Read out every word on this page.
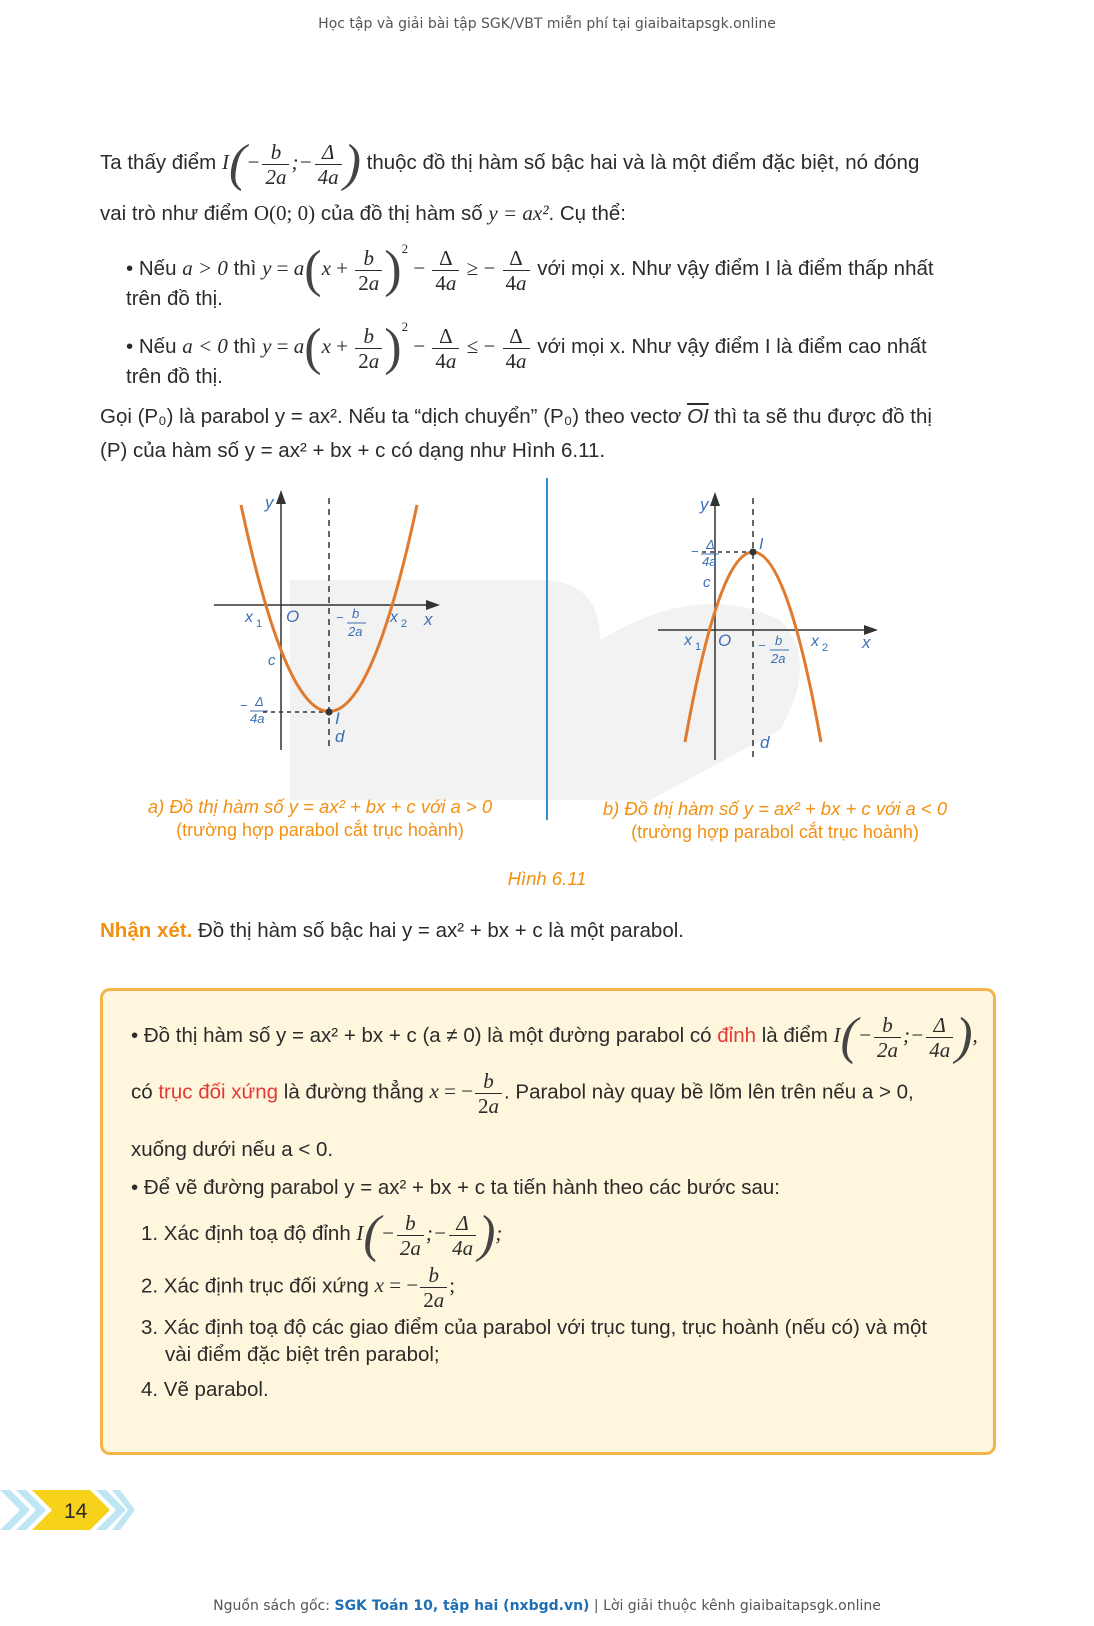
Học tập và giải bài tập SGK/VBT miễn phí tại giaibaitapsgk.online
Ta thấy điểm $I(- \frac{b}{2a}$ ;− $\frac{\Delta}{4a}$ ) thuộc đồ thị hàm số bậc hai và là một điểm đặc biệt, nó đóng
vai trò như điểm O(0; 0) của đồ thị hàm số y = ax². Cụ thể:
• Nếu a > 0 thì $y = a(x + \frac{b}{2a} )^2 - \frac{\Delta}{4a}$ ≥ − $\frac{\Delta}{4a}$ với mọi x. Như vậy điểm I là điểm thấp nhất
trên đồ thị.
• Nếu a < 0 thì $y = a(x + \frac{b}{2a} )^2 - \frac{\Delta}{4a}$ ≤ − $\frac{\Delta}{4a}$ với mọi x. Như vậy điểm I là điểm cao nhất
trên đồ thị.
Gọi (P₀) là parabol y = ax². Nếu ta “dịch chuyển” (P₀) theo vectơ $\overline{OI}$ thì ta sẽ thu được đồ thị
(P) của hàm số y = ax² + bx + c có dạng như Hình 6.11.
y
x
O
x 1	x 2
c
I
d
− b
2a
− Δ
4a
y
x
O
x 1	x 2
c
I
d
− b
2a
− Δ
4a
a) Đồ thị hàm số y = ax² + bx + c với a > 0
(trường hợp parabol cắt trục hoành)
b) Đồ thị hàm số y = ax² + bx + c với a < 0
(trường hợp parabol cắt trục hoành)
Hình 6.11
Nhận xét. Đồ thị hàm số bậc hai y = ax² + bx + c là một parabol.
• Đồ thị hàm số y = ax² + bx + c (a ≠ 0) là một đường parabol có đỉnh là điểm $I(- \frac{b}{2a}$ ;− $\frac{\Delta}{4a}$ ),
có trục đối xứng là đường thẳng x = − $\frac{b}{2a}$ . Parabol này quay bề lõm lên trên nếu a > 0,
xuống dưới nếu a < 0.
• Để vẽ đường parabol y = ax² + bx + c ta tiến hành theo các bước sau:
1. Xác định toạ độ đỉnh $I(- \frac{b}{2a}$ ;− $\frac{\Delta}{4a}$ );
2. Xác định trục đối xứng x = − $\frac{b}{2a}$ ;
3. Xác định toạ độ các giao điểm của parabol với trục tung, trục hoành (nếu có) và một
vài điểm đặc biệt trên parabol;
4. Vẽ parabol.
14
Nguồn sách gốc: SGK Toán 10, tập hai (nxbgd.vn) | Lời giải thuộc kênh giaibaitapsgk.online
